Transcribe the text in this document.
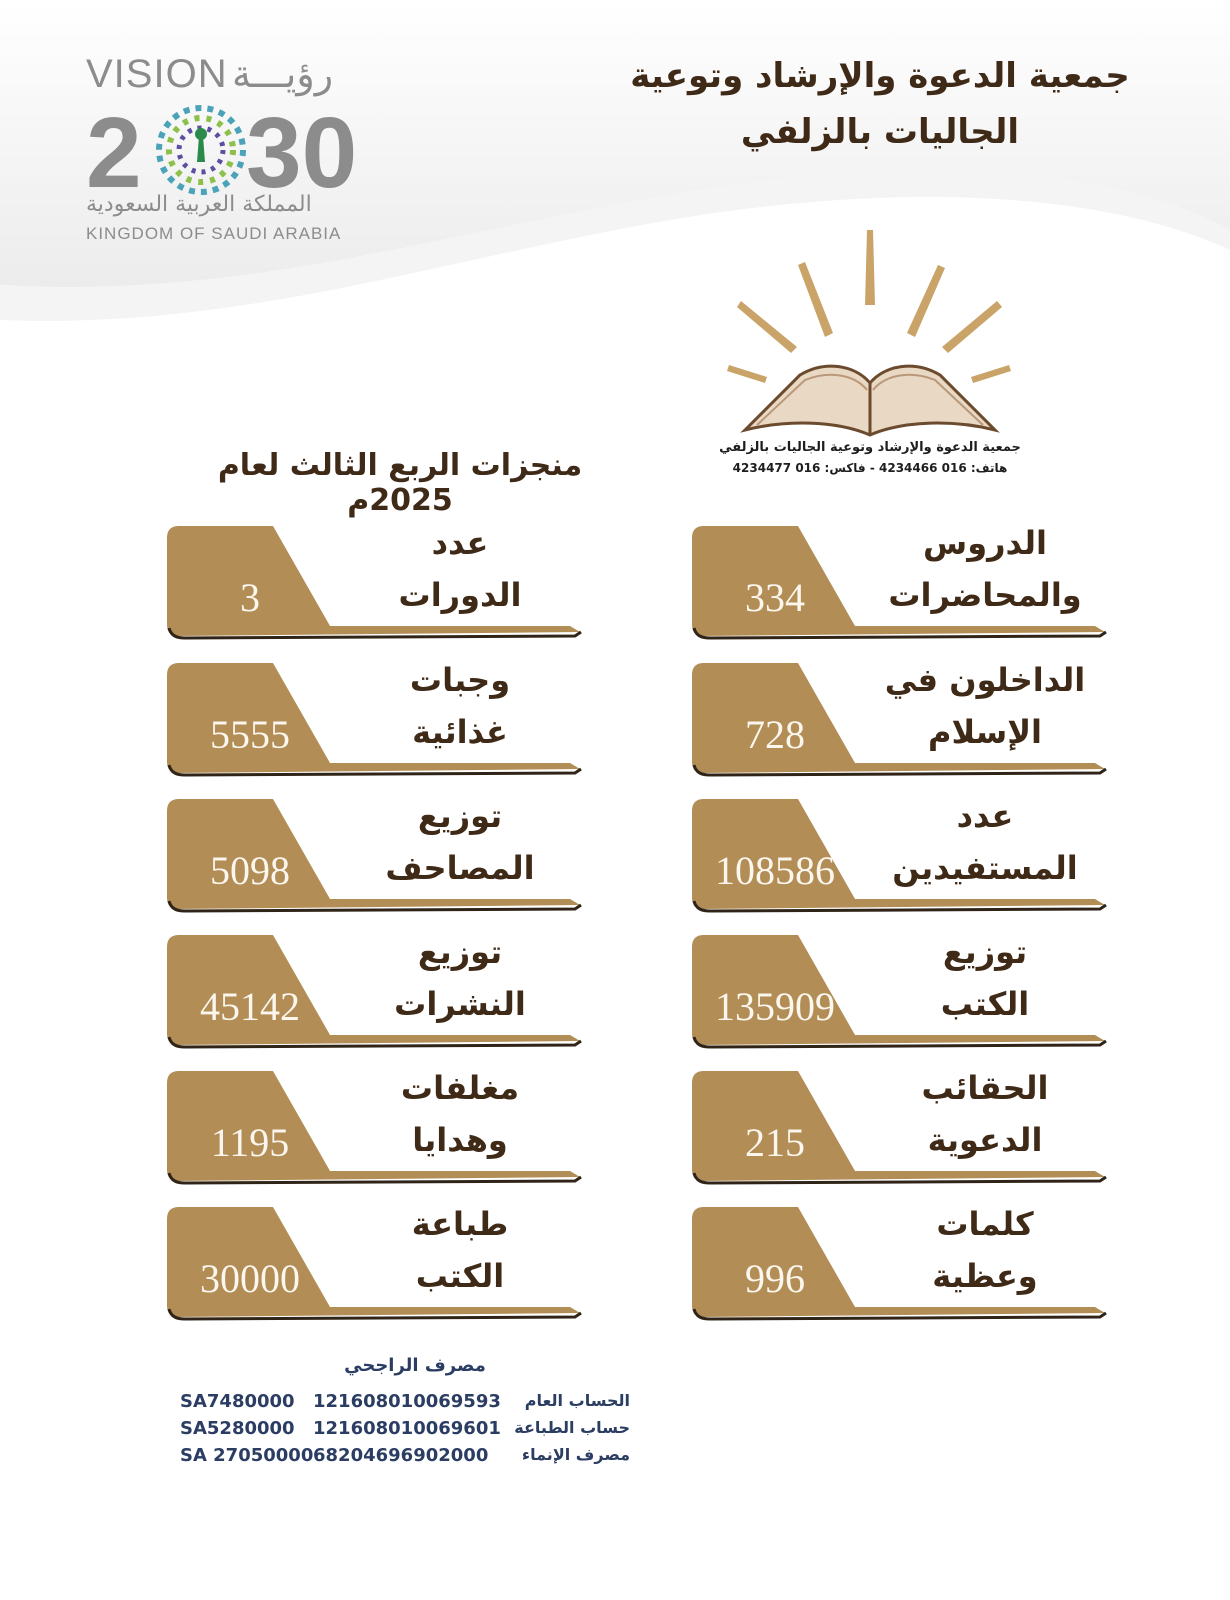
VISION رؤيـــة
2 30
المملكة العربية السعودية
KINGDOM OF SAUDI ARABIA
جمعية الدعوة والإرشاد وتوعية
الجاليات بالزلفي
جمعية الدعوة والإرشاد وتوعية الجاليات بالزلفي
هاتف: 016 4234466 - فاكس: 016 4234477
منجزات الربع الثالث لعام 2025م
334
الدروس
والمحاضرات
728
الداخلون في
الإسلام
108586
عدد
المستفيدين
135909
توزيع
الكتب
215
الحقائب
الدعوية
996
كلمات
وعظية
3
عدد
الدورات
5555
وجبات
غذائية
5098
توزيع
المصاحف
45142
توزيع
النشرات
1195
مغلفات
وهدايا
30000
طباعة
الكتب
مصرف الراجحي
SA7480000 121608010069593	الحساب العام
SA5280000 121608010069601 حساب الطباعة
SA 27050000 68204696902000	مصرف الإنماء
